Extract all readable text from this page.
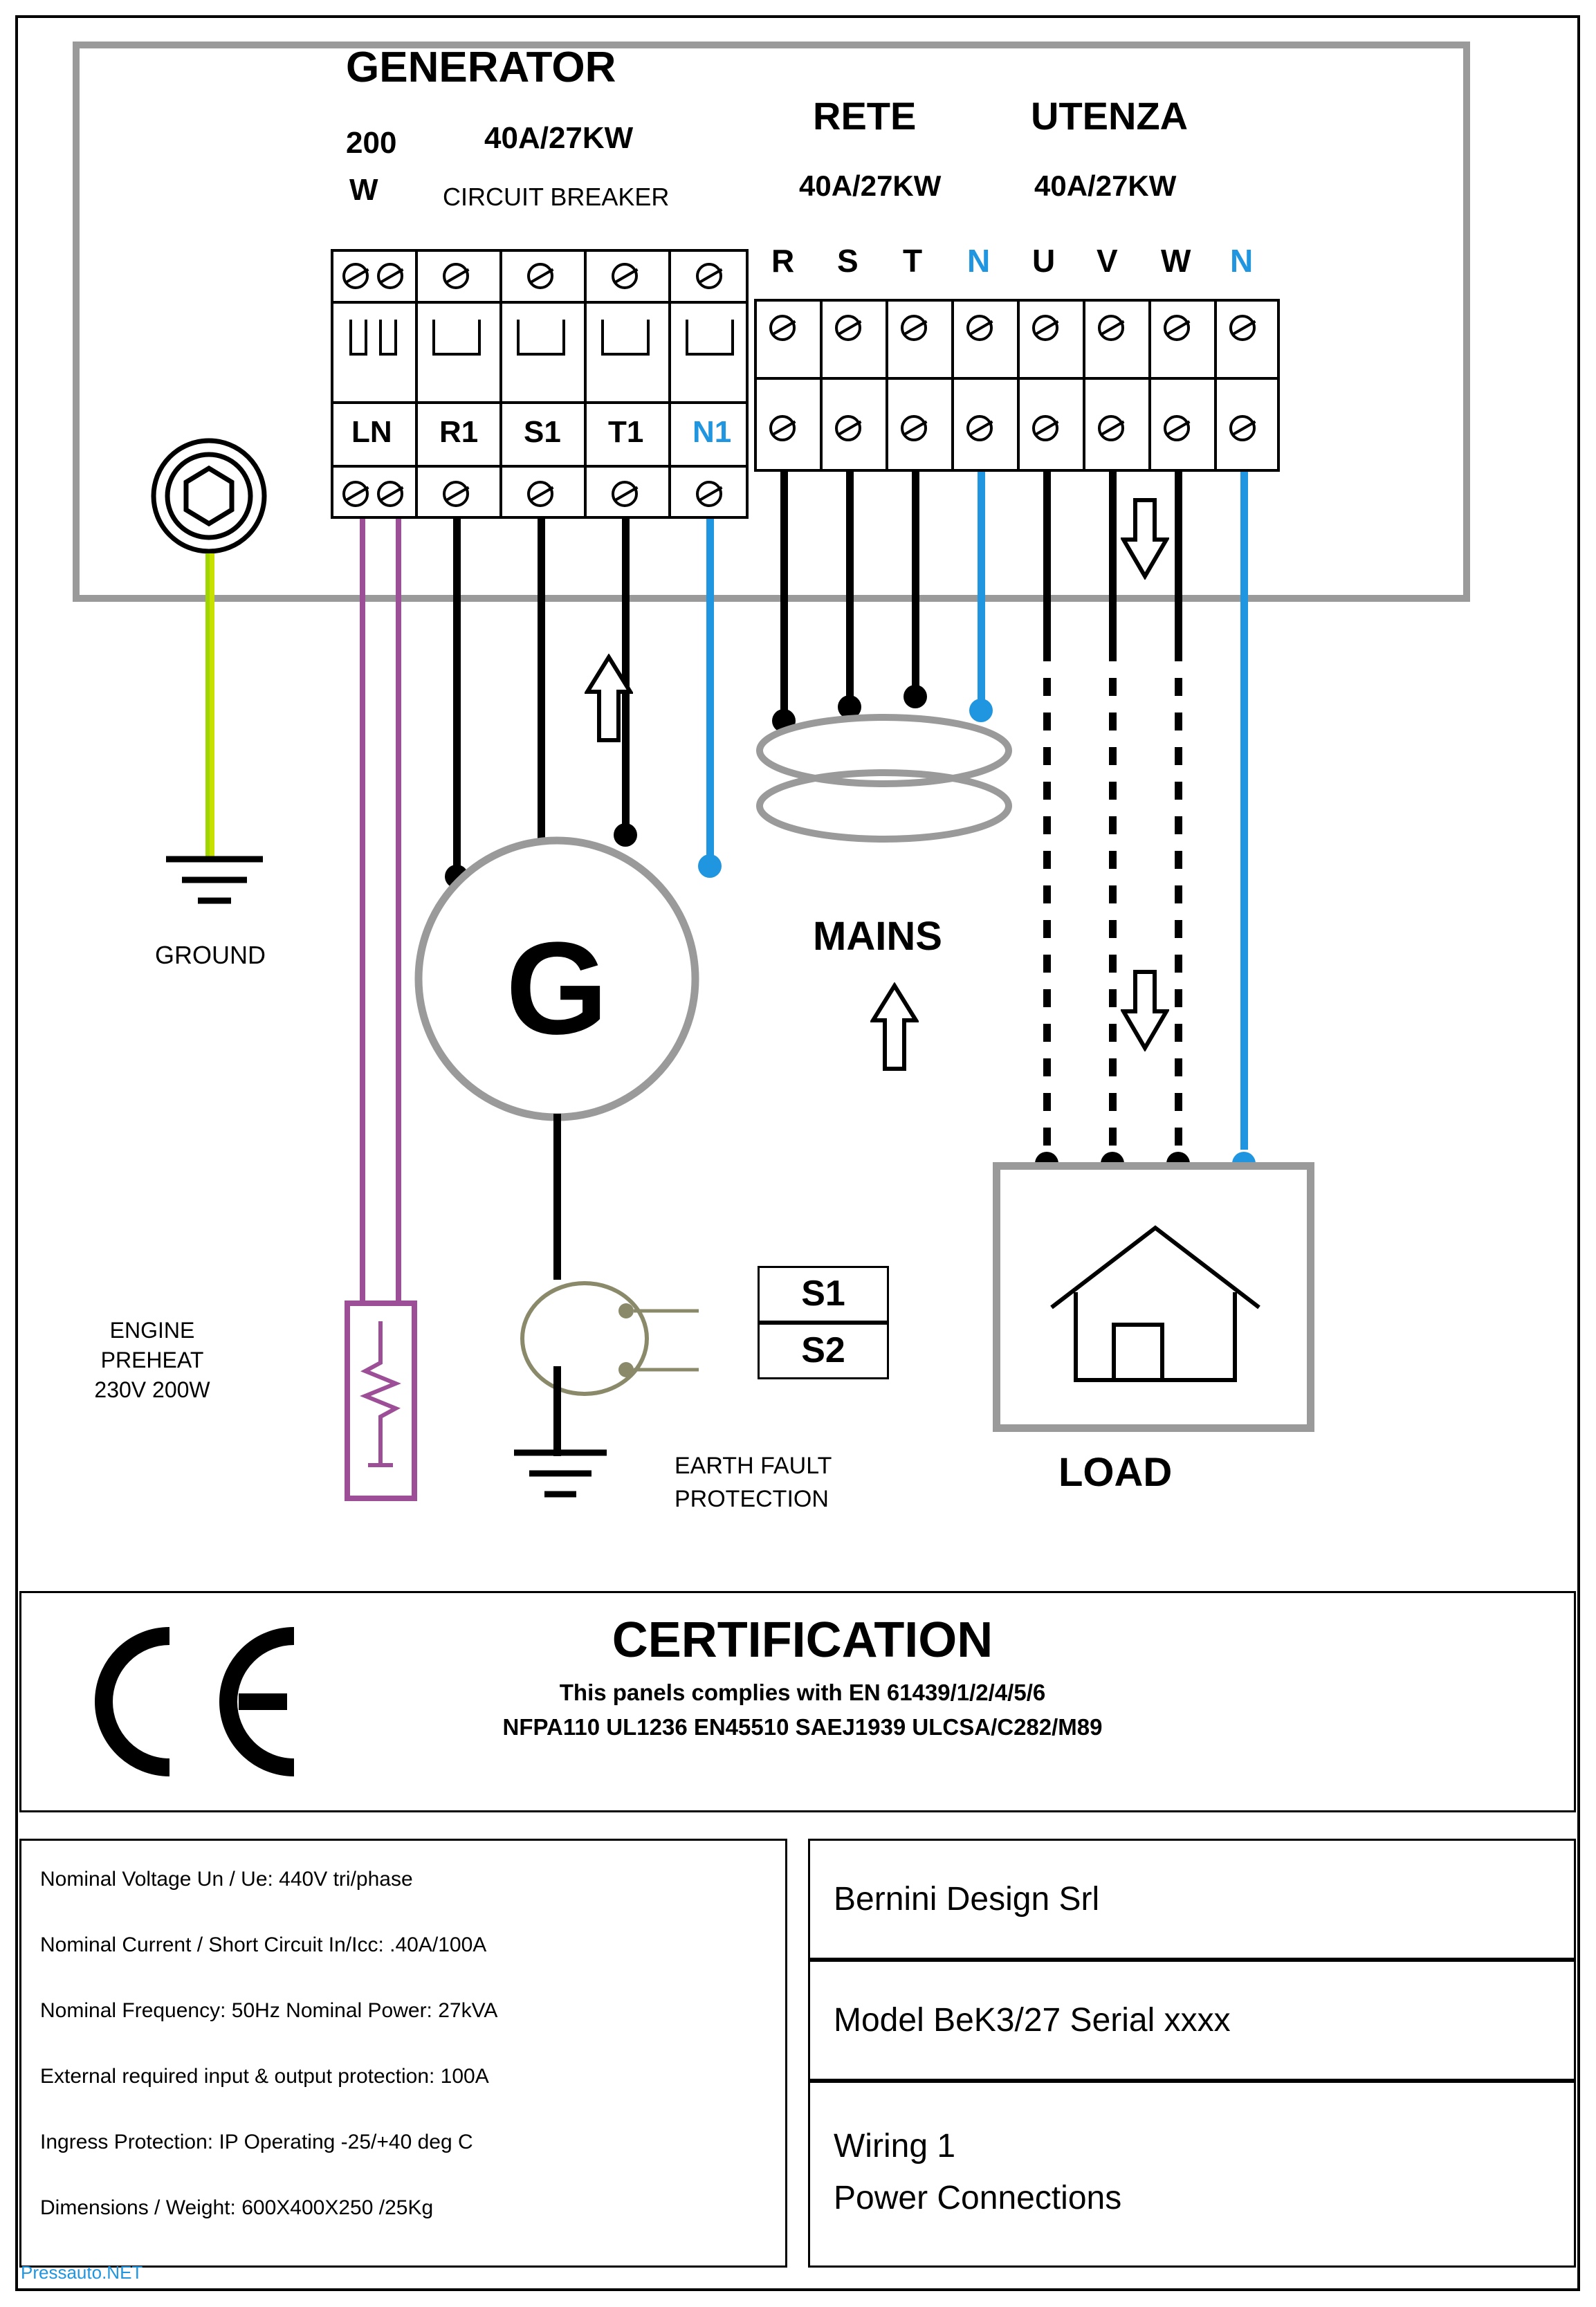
GENERATOR
40A/27KW
CIRCUIT BREAKER
200
W
RETE
40A/27KW
UTENZA
40A/27KW
LN R1 S1 T1 N1
R S T N U V W N
GROUND
ENGINE
PREHEAT
230V 200W
G
EARTH FAULT
PROTECTION
S1
S2
MAINS
LOAD
CERTIFICATION
This panels complies with EN 61439/1/2/4/5/6
NFPA110 UL1236 EN45510 SAEJ1939 ULCSA/C282/M89
Nominal Voltage Un / Ue: 440V tri/phase
Nominal Current / Short Circuit In/Icc: .40A/100A
Nominal Frequency: 50Hz Nominal Power: 27kVA
External required input & output protection: 100A
Ingress Protection: IP Operating -25/+40 deg C
Dimensions / Weight: 600X400X250 /25Kg
Bernini Design Srl
Model BeK3/27 Serial xxxx
Wiring 1
Power Connections
Pressauto.NET
